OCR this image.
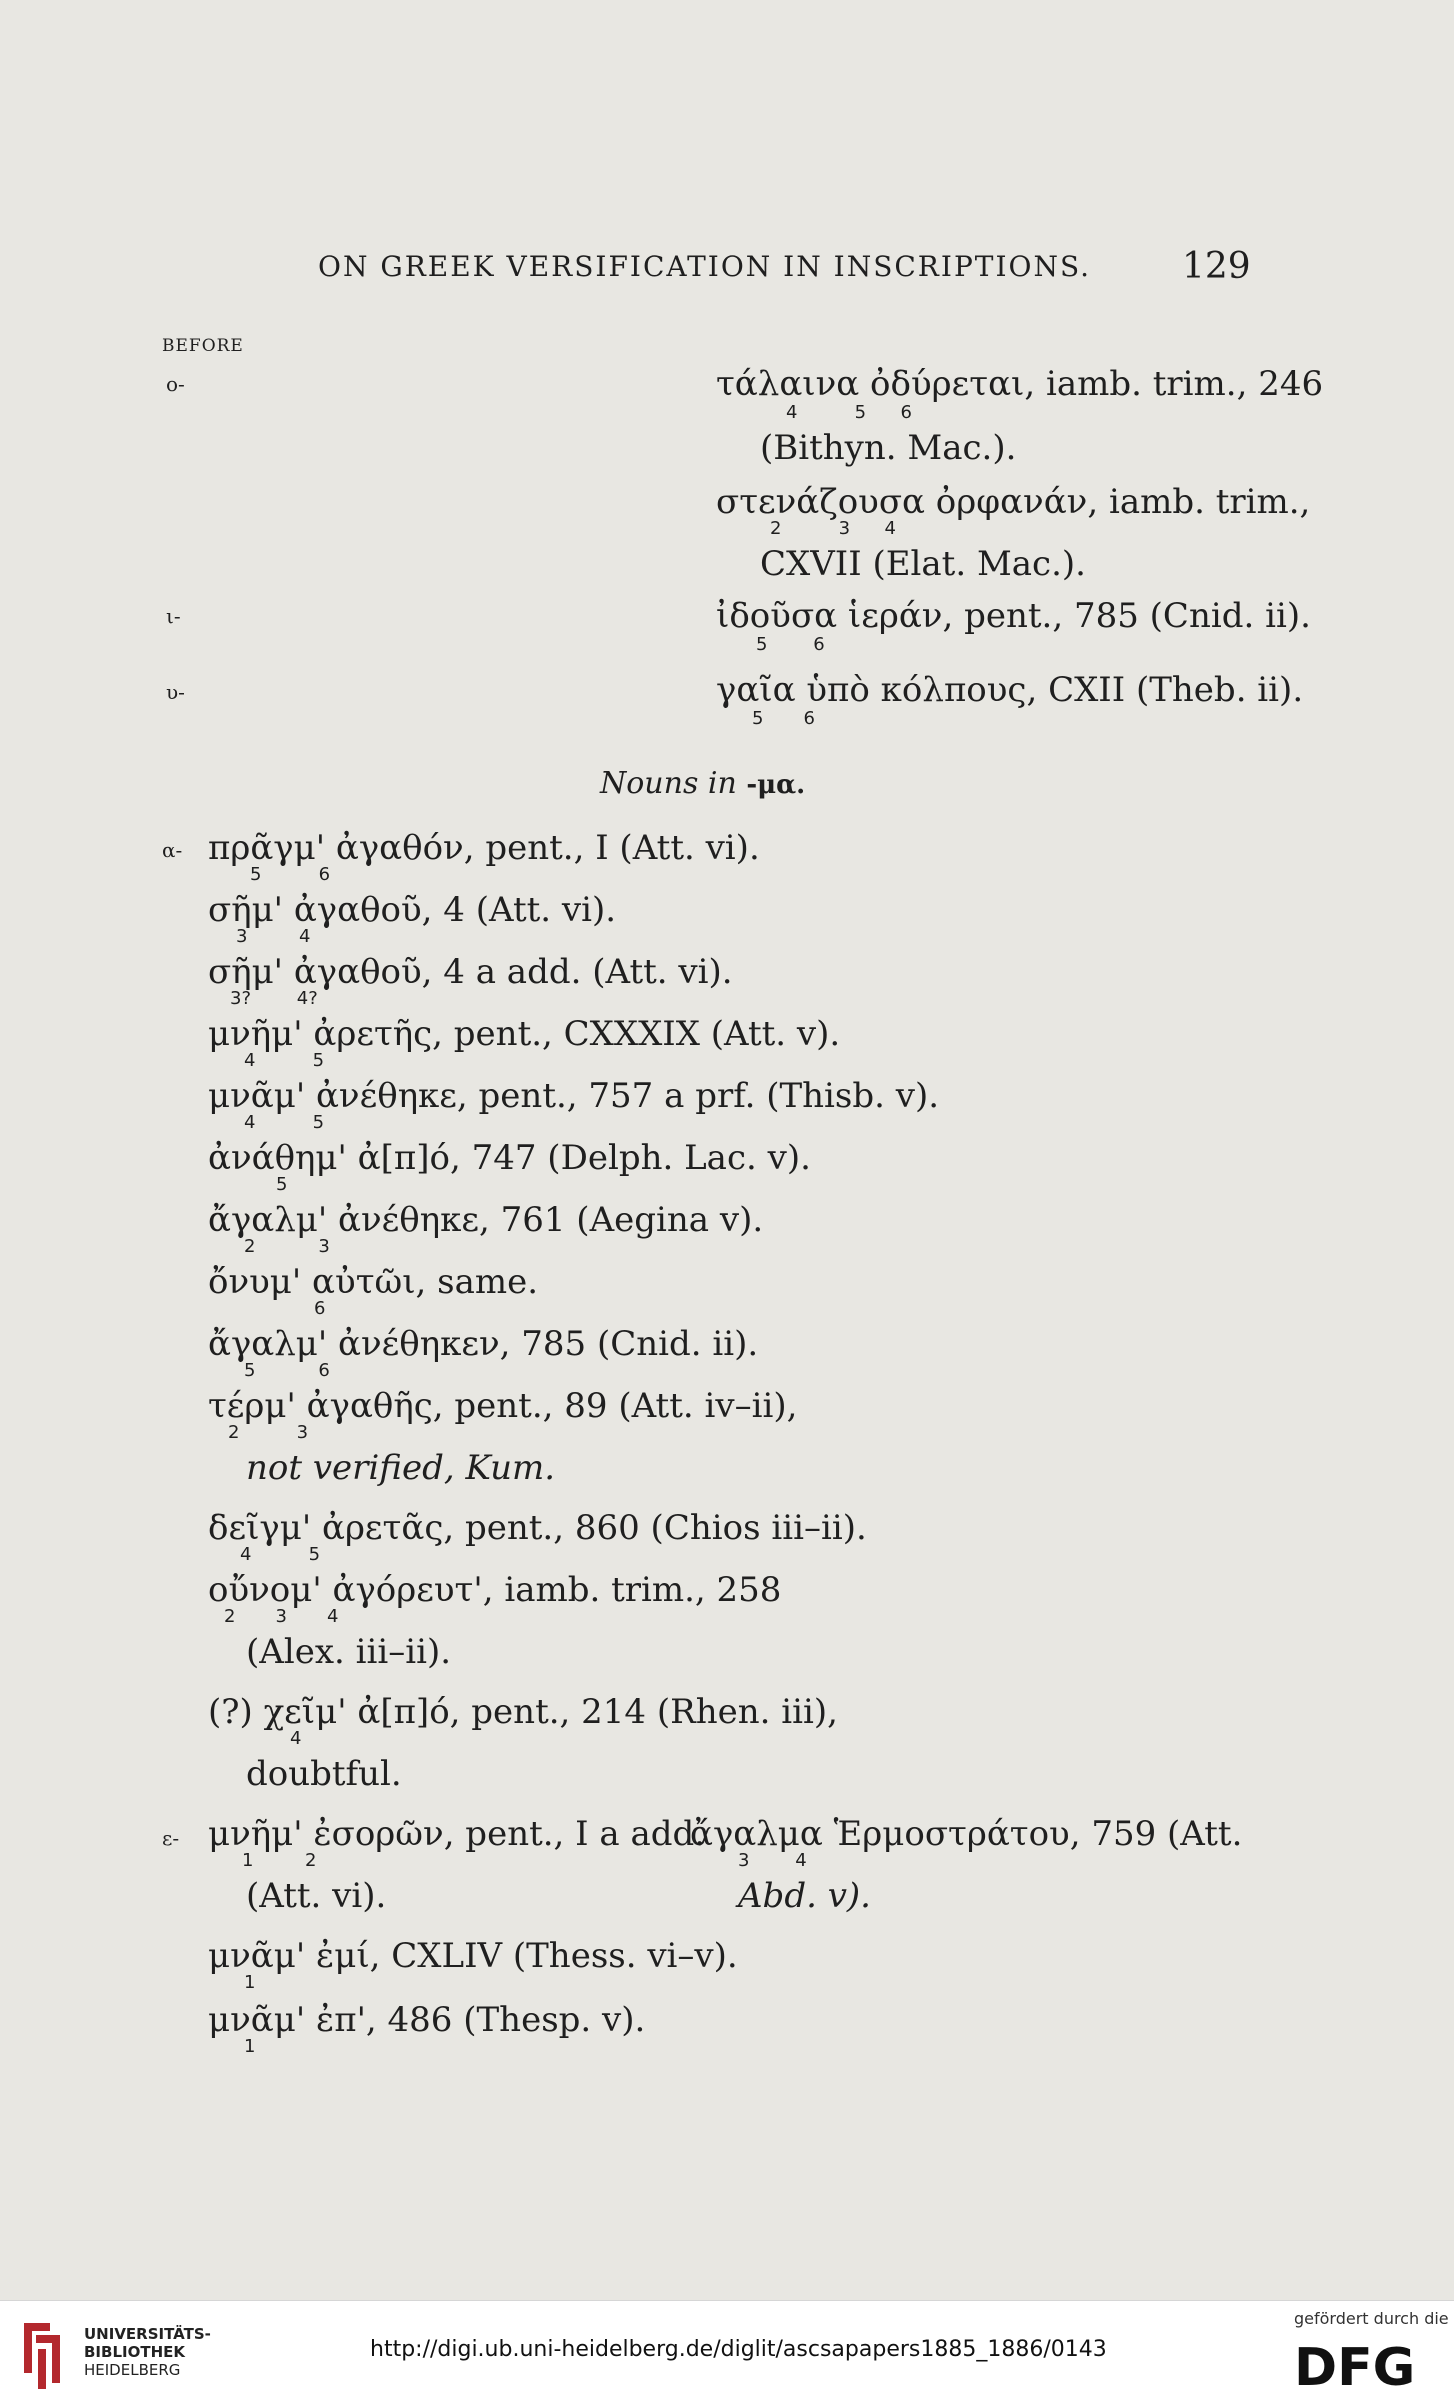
ON GREEK VERSIFICATION IN INSCRIPTIONS.	129
BEFORE
o-	τάλαινα ὀδύρεται, iamb. trim., 246
4          5      6
(Bithyn. Mac.).
στενάζουσα ὀρφανάν, iamb. trim.,
2          3      4
CXVII (Elat. Mac.).
ι-	ἰδοῦσα ἱεράν, pent., 785 (Cnid. ii).
5        6
υ-	γαῖα ὑπὸ κόλπους, CXII (Theb. ii).
5       6
Nouns in -μα.
α- πρᾶγμ' ἀγαθόν, pent., I (Att. vi).
5          6
σῆμ' ἀγαθοῦ, 4 (Att. vi).
3         4
σῆμ' ἀγαθοῦ, 4 a add. (Att. vi).
3?        4?
μνῆμ' ἀρετῆς, pent., CXXXIX (Att. v).
4          5
μνᾶμ' ἀνέθηκε, pent., 757 a prf. (Thisb. v).
4          5
ἀνάθημ' ἀ[π]ό, 747 (Delph. Lac. v).
5
ἄγαλμ' ἀνέθηκε, 761 (Aegina v).
2           3
ὄνυμ' αὐτῶι, same.
6
ἄγαλμ' ἀνέθηκεν, 785 (Cnid. ii).
5           6
τέρμ' ἀγαθῆς, pent., 89 (Att. iv–ii),
2          3
not verified, Kum.
δεῖγμ' ἀρετᾶς, pent., 860 (Chios iii–ii).
4          5
οὔνομ' ἀγόρευτ', iamb. trim., 258
2       3       4
(Alex. iii–ii).
(?) χεῖμ' ἀ[π]ό, pent., 214 (Rhen. iii),
4
doubtful.
ε- μνῆμ' ἐσορῶν, pent., I a add.
1         2
(Att. vi).
ἄγαλμα Ἑρμοστράτου, 759 (Att.
3        4
Abd. v).
μνᾶμ' ἐμί, CXLIV (Thess. vi–v).
1
μνᾶμ' ἐπ', 486 (Thesp. v).
1
UNIVERSITÄTS-
BIBLIOTHEK
HEIDELBERG
http://digi.ub.uni-heidelberg.de/diglit/ascsapapers1885_1886/0143
gefördert durch die
DFG
